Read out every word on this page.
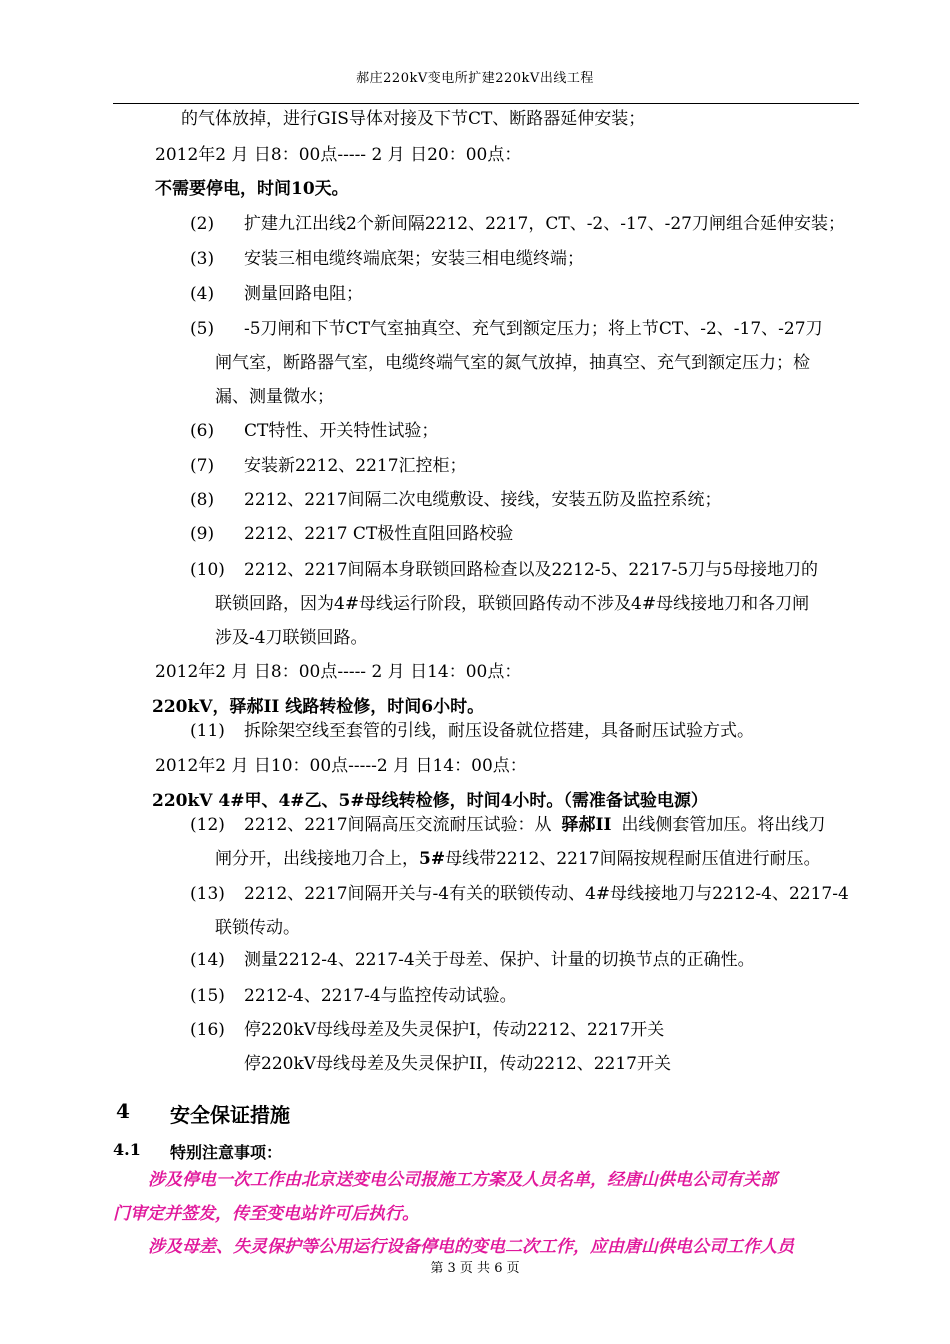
郝庄220kV变电所扩建220kV出线工程
的气体放掉，进行GIS导体对接及下节CT、断路器延伸安装；
2012年2 月 日8：00点----- 2 月 日20：00点：
不需要停电，时间10天。
(2) 扩建九江出线2个新间隔2212、2217，CT、-2、-17、-27刀闸组合延伸安装；
(3) 安装三相电缆终端底架；安装三相电缆终端；
(4) 测量回路电阻；
(5) -5刀闸和下节CT气室抽真空、充气到额定压力；将上节CT、-2、-17、-27刀
闸气室，断路器气室，电缆终端气室的氮气放掉，抽真空、充气到额定压力；检
漏、测量微水；
(6) CT特性、开关特性试验；
(7) 安装新2212、2217汇控柜；
(8) 2212、2217间隔二次电缆敷设、接线，安装五防及监控系统；
(9) 2212、2217 CT极性直阻回路校验
(10) 2212、2217间隔本身联锁回路检查以及2212-5、2217-5刀与5母接地刀的
联锁回路，因为4#母线运行阶段，联锁回路传动不涉及4#母线接地刀和各刀闸
涉及-4刀联锁回路。
2012年2 月 日8：00点----- 2 月 日14：00点：
220kV，驿郝II 线路转检修，时间6小时。
(11) 拆除架空线至套管的引线，耐压设备就位搭建，具备耐压试验方式。
2012年2 月 日10：00点-----2 月 日14：00点：
220kV 4#甲、4#乙、5#母线转检修，时间4小时。（需准备试验电源）
(12) 2212、2217间隔高压交流耐压试验：从 驿郝II 出线侧套管加压。将出线刀
闸分开，出线接地刀合上，5#母线带2212、2217间隔按规程耐压值进行耐压。
(13) 2212、2217间隔开关与-4有关的联锁传动、4#母线接地刀与2212-4、2217-4
联锁传动。
(14) 测量2212-4、2217-4关于母差、保护、计量的切换节点的正确性。
(15) 2212-4、2217-4与监控传动试验。
(16) 停220kV母线母差及失灵保护I，传动2212、2217开关
停220kV母线母差及失灵保护II，传动2212、2217开关
4 安全保证措施
4.1 特别注意事项：
涉及停电一次工作由北京送变电公司报施工方案及人员名单，经唐山供电公司有关部
门审定并签发，传至变电站许可后执行。
涉及母差、失灵保护等公用运行设备停电的变电二次工作，应由唐山供电公司工作人员
第 3 页 共 6 页
